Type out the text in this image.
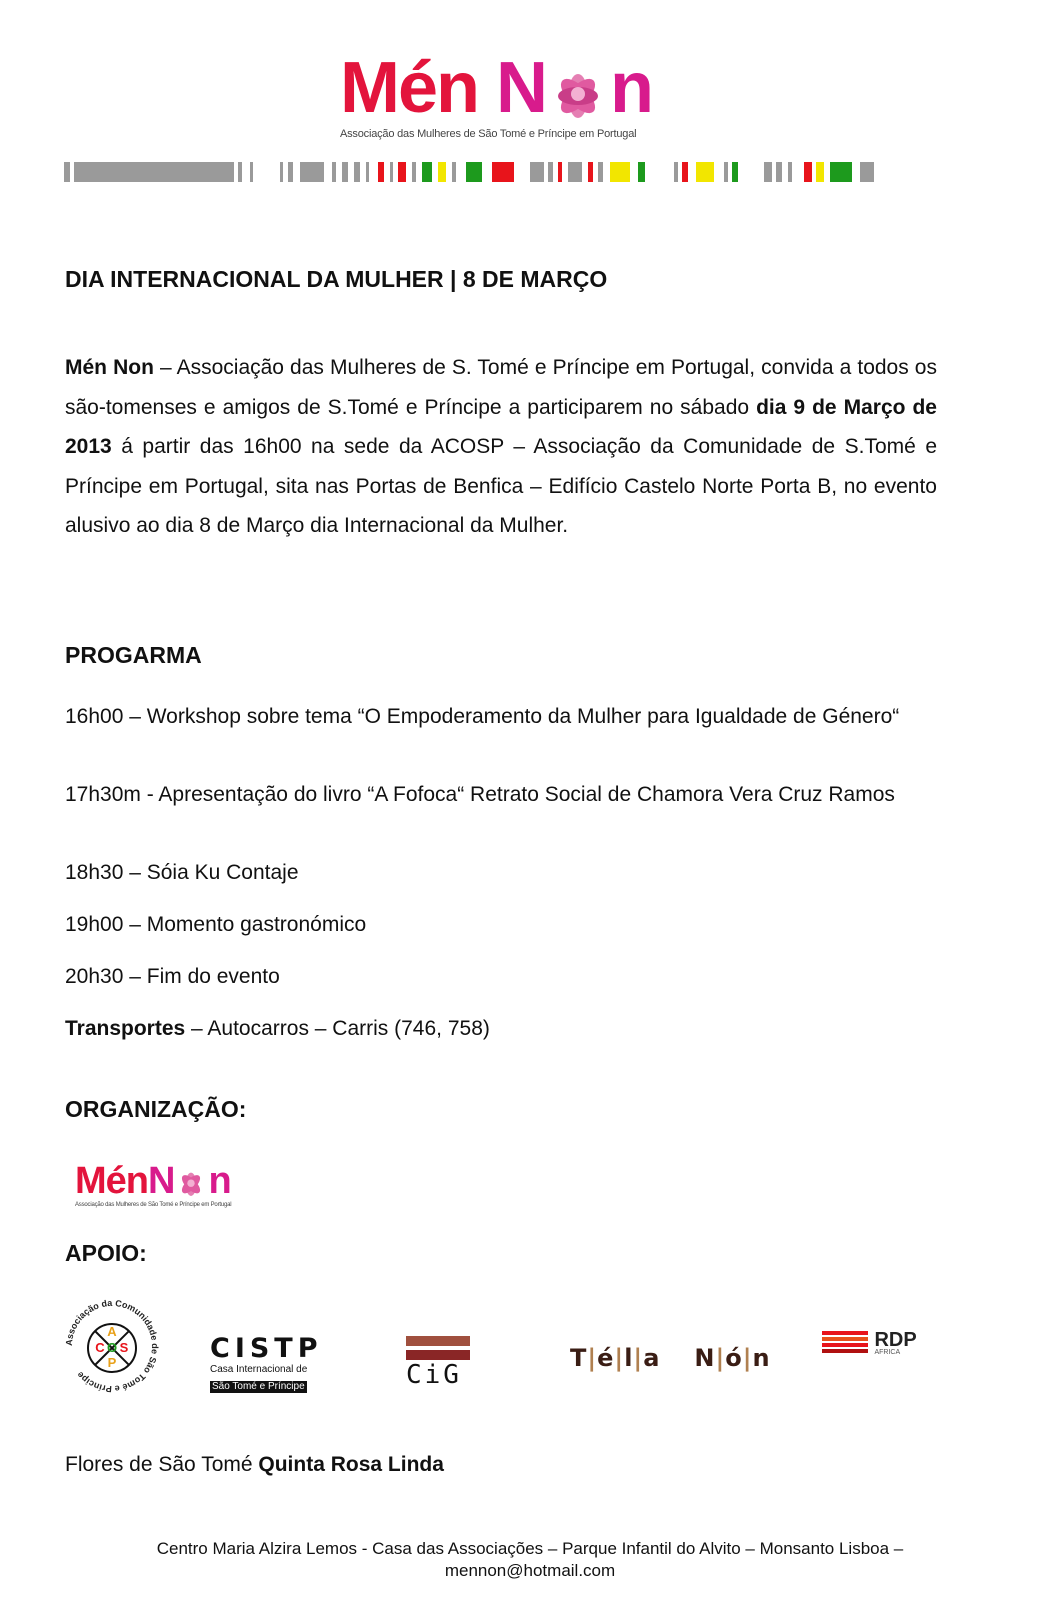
Mén N n
Associação das Mulheres de São Tomé e Príncipe em Portugal
DIA INTERNACIONAL DA MULHER | 8 DE MARÇO

Mén Non – Associação das Mulheres de S. Tomé e Príncipe em Portugal, convida a todos os são-tomenses e amigos de S.Tomé e Príncipe a participarem no sábado dia 9 de Março de 2013 á partir das 16h00 na sede da ACOSP – Associação da Comunidade de S.Tomé e Príncipe em Portugal, sita nas Portas de Benfica – Edifício Castelo Norte Porta B, no evento alusivo ao dia 8 de Março dia Internacional da Mulher.

PROGARMA

16h00 – Workshop sobre tema “O Empoderamento da Mulher para Igualdade de Género“

17h30m - Apresentação do livro “A Fofoca“ Retrato Social de Chamora Vera Cruz Ramos

18h30 – Sóia Ku Contaje

19h00 – Momento gastronómico

20h30 – Fim do evento

Transportes – Autocarros – Carris (746, 758)

ORGANIZAÇÃO:
MénN n
Associação das Mulheres de São Tomé e Príncipe em Portugal
APOIO:
Associação da Comunidade de São Tomé e Príncipe
A
C O S
P	CISTP
Casa Internacional de
São Tomé e Príncipe	CiG
T|é|l|a N|ó|n

RDP
AFRICA

Flores de São Tomé Quinta Rosa Linda

Centro Maria Alzira Lemos - Casa das Associações – Parque Infantil do Alvito – Monsanto Lisboa –
mennon@hotmail.com
